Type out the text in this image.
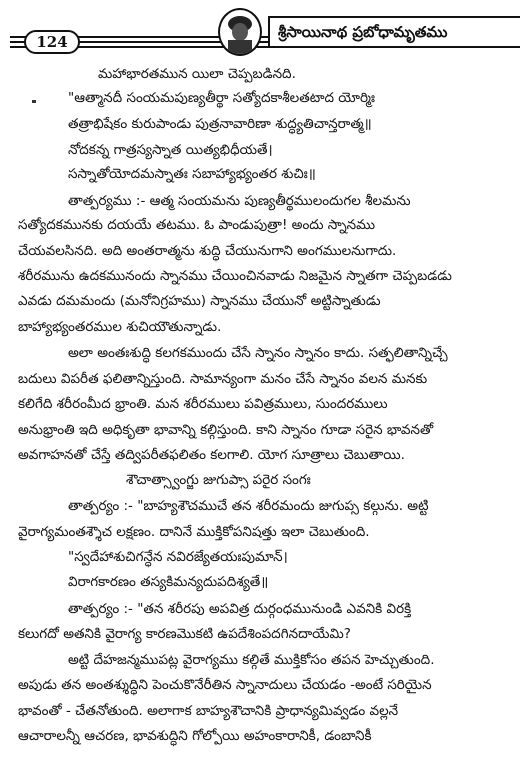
124
శ్రీసాయినాథ ప్రబోధామృతము
మహాభారతమున యిలా చెప్పబడినది.
"ఆత్మానదీ సంయమపుణ్యతీర్థా సత్యోదకాశీలతటాద యోర్మిః
తత్రాభిషేకం కురుపాండు పుత్రనావారిణా శుద్ధ్యతిచాన్తరాత్మ॥
నోదకన్న గాత్రస్యస్నాత యిత్యభిధీయతే।
సస్నాతోయోదమస్నాతః సబాహ్యాభ్యంతర శుచిః॥
తాత్పర్యము :- ఆత్మ సంయమను పుణ్యతీర్థములందుగల శీలమను
సత్యోదకమునకు దయయే తటము. ఓ పాండుపుత్రా! అందు స్నానము
చేయవలసినది. అది అంతరాత్మను శుద్ధి చేయునుగాని అంగములనుగాదు.
శరీరమును ఉదకమునందు స్నానము చేయించినవాడు నిజమైన స్నాతగా చెప్పబడడు
ఎవడు దమమందు (మనోనిగ్రహము) స్నానము చేయునో అట్టిస్నాతుడు
బాహ్యాభ్యంతరముల శుచియౌతున్నాడు.
అలా అంతఃశుద్ధి కలగకముందు చేసే స్నానం స్నానం కాదు. సత్ఫలితాన్నిచ్చే
బదులు విపరీత ఫలితాన్నిస్తుంది. సామాన్యంగా మనం చేసే స్నానం వలన మనకు
కలిగేది శరీరంమీద భ్రాంతి. మన శరీరములు పవిత్రములు, సుందరములు
అనుభ్రాంతి ఇది అధికృతా భావాన్ని కల్గిస్తుంది. కాని స్నానం గూడా సరైన భావనతో
అవగాహనతో చేస్తే తద్విపరీతఫలితం కలగాలి. యోగ సూత్రాలు చెబుతాయి.
శౌచాత్స్వాంగ్జు జుగుప్సా పరైర సంగః
తాత్పర్యం :- "బాహ్యశౌచముచే తన శరీరమందు జుగుప్స కల్గును. అట్టి
వైరాగ్యమంతశ్శౌచ లక్షణం. దానినే ముక్తికోపనిషత్తు ఇలా చెబుతుంది.
"స్వదేహాశుచిగన్ధేన నవిరజ్యేతయఃపుమాన్।
విరాగకారణం తస్యకిమన్యదుపదిశ్యతే॥
తాత్పర్యం :- "తన శరీరపు అపవిత్ర దుర్గంధమునుండి ఎవనికి విరక్తి
కలుగదో అతనికి వైరాగ్య కారణమొకటి ఉపదేశింపదగినదాయేమి?
అట్టి దేహజన్మముపట్ల వైరాగ్యము కల్గితే ముక్తికోసం తపన హెచ్చుతుంది.
అపుడు తన అంతశ్శుద్ధిని పెంచుకొనేరీతిన స్నానాదులు చేయడం -అంటే సరియైన
భావంతో - చేతనోతుంది. అలాగాక బాహ్యశౌచానికి ప్రాధాన్యమివ్వడం వల్లనే
ఆచారాలన్నీ ఆచరణ, భావశుద్ధిని గోల్పోయి అహంకారానికీ, డంబానికీ
